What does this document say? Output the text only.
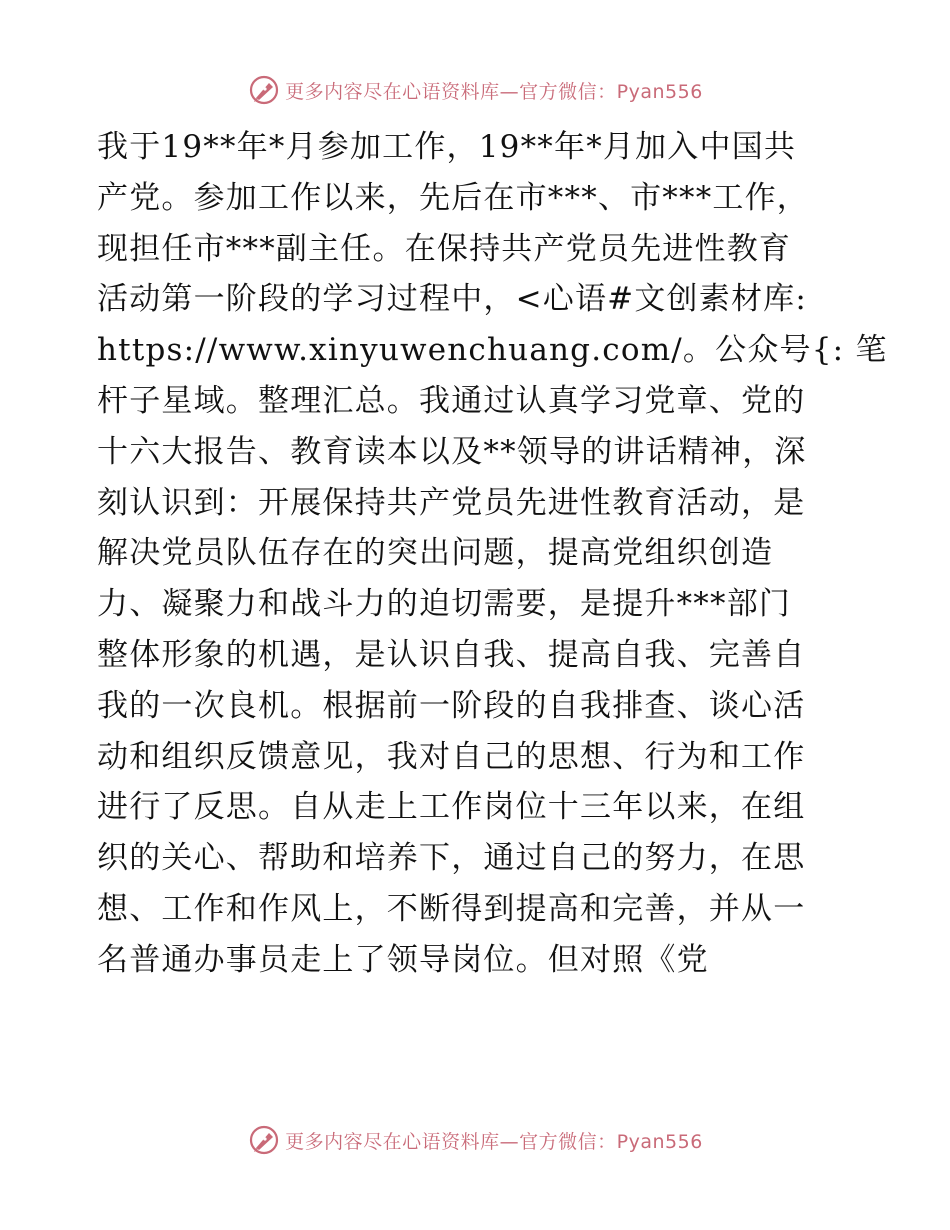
更多内容尽在心语资料库—官方微信：Pyan556
我于19**年*月参加工作，19**年*月加入中国共
产党。参加工作以来，先后在市***、市***工作，
现担任市***副主任。在保持共产党员先进性教育
活动第一阶段的学习过程中，<心语#文创素材库:
https://www.xinyuwenchuang.com/。公众号{: 笔
杆子星域。整理汇总。我通过认真学习党章、党的
十六大报告、教育读本以及**领导的讲话精神，深
刻认识到：开展保持共产党员先进性教育活动，是
解决党员队伍存在的突出问题，提高党组织创造
力、凝聚力和战斗力的迫切需要，是提升***部门
整体形象的机遇，是认识自我、提高自我、完善自
我的一次良机。根据前一阶段的自我排查、谈心活
动和组织反馈意见，我对自己的思想、行为和工作
进行了反思。自从走上工作岗位十三年以来，在组
织的关心、帮助和培养下，通过自己的努力，在思
想、工作和作风上，不断得到提高和完善，并从一
名普通办事员走上了领导岗位。但对照《党
更多内容尽在心语资料库—官方微信：Pyan556
